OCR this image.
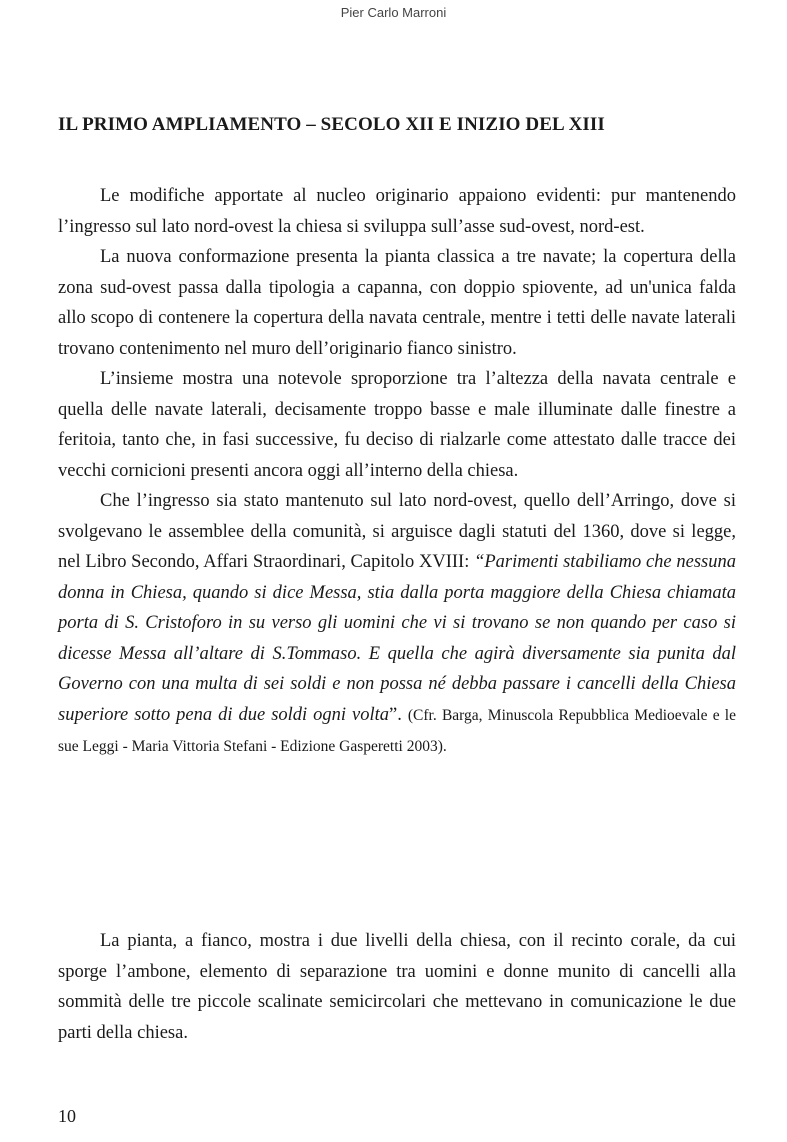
Pier Carlo Marroni
IL PRIMO AMPLIAMENTO – SECOLO XII E INIZIO DEL XIII

Le modifiche apportate al nucleo originario appaiono evidenti: pur mantenendo l’ingresso sul lato nord-ovest la chiesa si sviluppa sull’asse sud-ovest, nord-est.

La nuova conformazione presenta la pianta classica a tre navate; la copertura della zona sud-ovest passa dalla tipologia a capanna, con doppio spiovente, ad un'unica falda allo scopo di contenere la copertura della navata centrale, mentre i tetti delle navate laterali trovano contenimento nel muro dell’originario fianco sinistro.

L’insieme mostra una notevole sproporzione tra l’altezza della navata centrale e quella delle navate laterali, decisamente troppo basse e male illuminate dalle finestre a feritoia, tanto che, in fasi successive, fu deciso di rialzarle come attestato dalle tracce dei vecchi cornicioni presenti ancora oggi all’interno della chiesa.

Che l’ingresso sia stato mantenuto sul lato nord-ovest, quello dell’Arringo, dove si svolgevano le assemblee della comunità, si arguisce dagli statuti del 1360, dove si legge, nel Libro Secondo, Affari Straordinari, Capitolo XVIII: “Parimenti stabiliamo che nessuna donna in Chiesa, quando si dice Messa, stia dalla porta maggiore della Chiesa chiamata porta di S. Cristoforo in su verso gli uomini che vi si trovano se non quando per caso si dicesse Messa all’altare di S.Tommaso. E quella che agirà diversamente sia punita dal Governo con una multa di sei soldi e non possa né debba passare i cancelli della Chiesa superiore sotto pena di due soldi ogni volta”. (Cfr. Barga, Minuscola Repubblica Medioevale e le sue Leggi - Maria Vittoria Stefani - Edizione Gasperetti 2003).

La pianta, a fianco, mostra i due livelli della chiesa, con il recinto corale, da cui sporge l’ambone, elemento di separazione tra uomini e donne munito di cancelli alla sommità delle tre piccole scalinate semicircolari che mettevano in comunicazione le due parti della chiesa.

10
